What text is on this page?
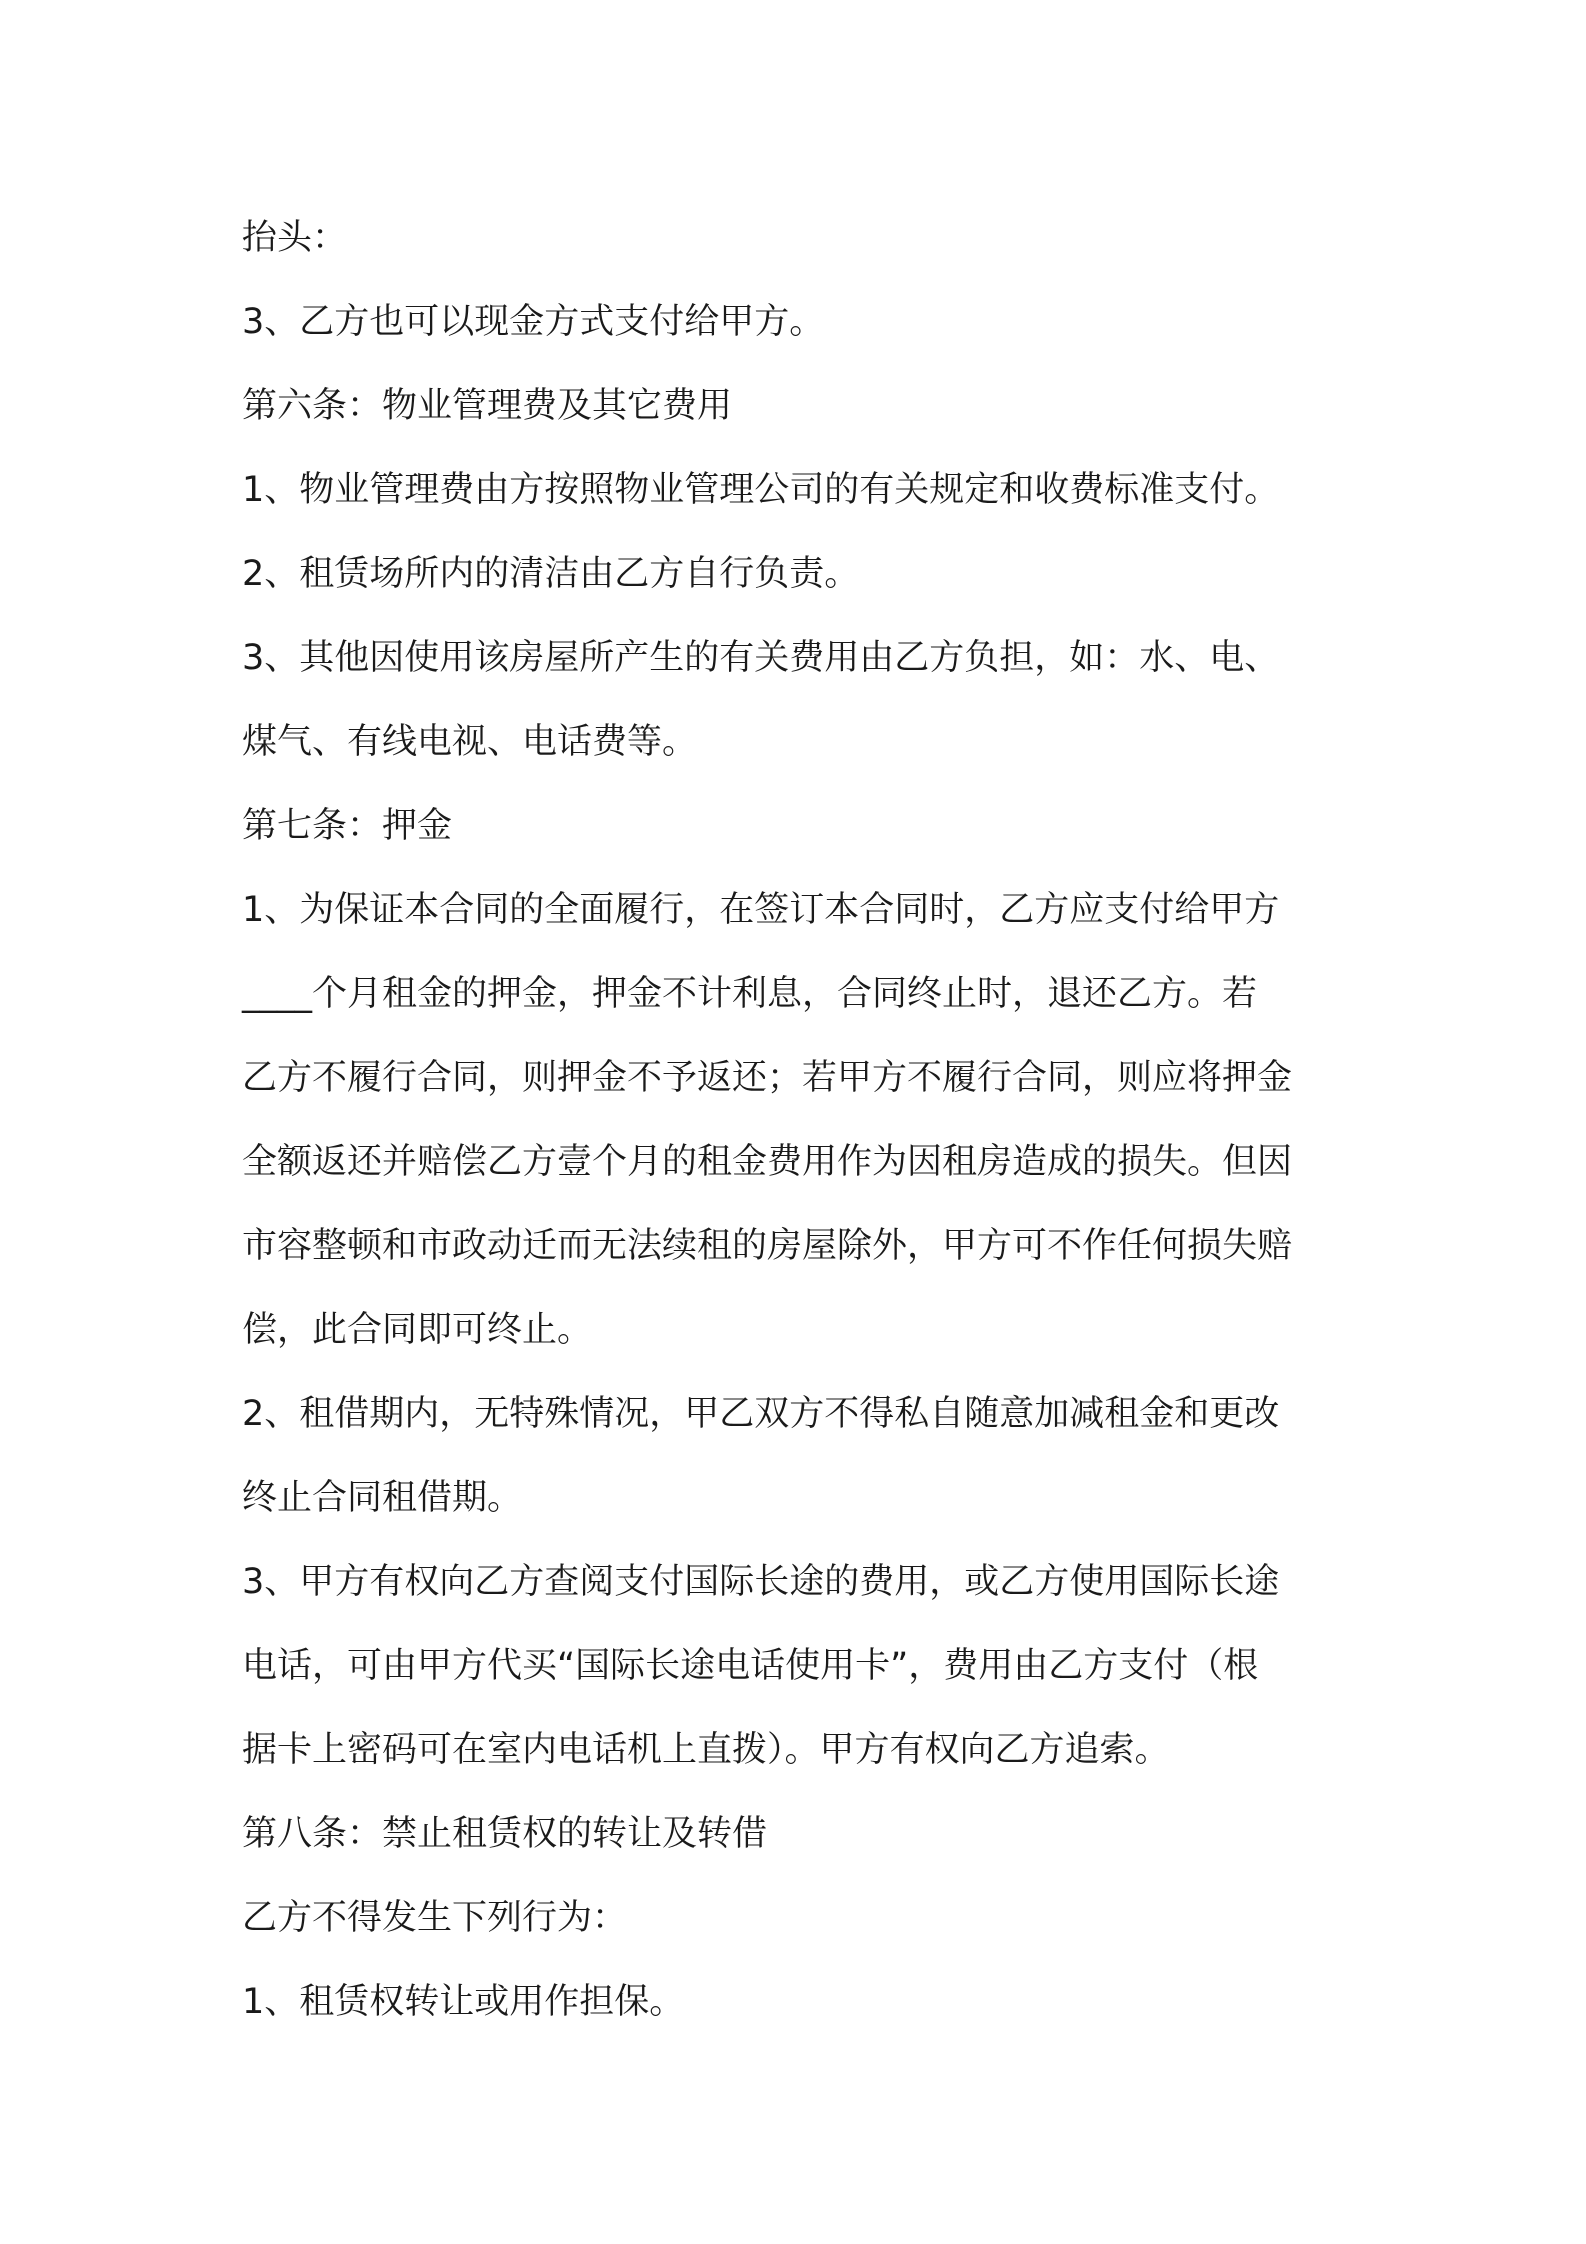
抬头：
3、乙方也可以现金方式支付给甲方。
第六条：物业管理费及其它费用
1、物业管理费由方按照物业管理公司的有关规定和收费标准支付。
2、租赁场所内的清洁由乙方自行负责。
3、其他因使用该房屋所产生的有关费用由乙方负担，如：水、电、
煤气、有线电视、电话费等。
第七条：押金
1、为保证本合同的全面履行，在签订本合同时，乙方应支付给甲方
____个月租金的押金，押金不计利息，合同终止时，退还乙方。若
乙方不履行合同，则押金不予返还；若甲方不履行合同，则应将押金
全额返还并赔偿乙方壹个月的租金费用作为因租房造成的损失。但因
市容整顿和市政动迁而无法续租的房屋除外，甲方可不作任何损失赔
偿，此合同即可终止。
2、租借期内，无特殊情况，甲乙双方不得私自随意加减租金和更改
终止合同租借期。
3、甲方有权向乙方查阅支付国际长途的费用，或乙方使用国际长途
电话，可由甲方代买“国际长途电话使用卡”，费用由乙方支付（根
据卡上密码可在室内电话机上直拨）。甲方有权向乙方追索。
第八条：禁止租赁权的转让及转借
乙方不得发生下列行为：
1、租赁权转让或用作担保。
